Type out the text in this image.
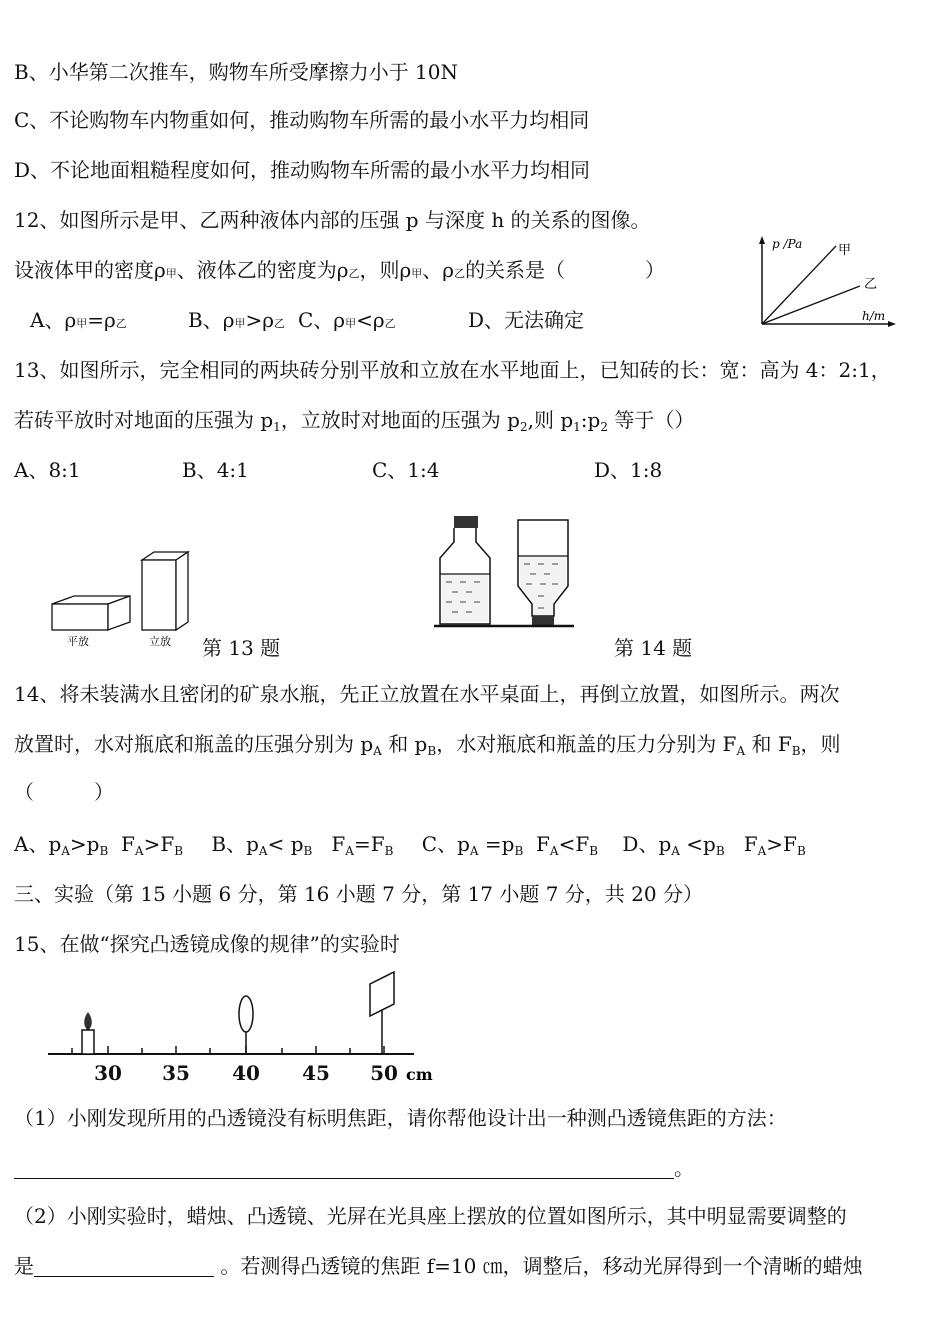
B、小华第二次推车，购物车所受摩擦力小于 10N
C、不论购物车内物重如何，推动购物车所需的最小水平力均相同
D、不论地面粗糙程度如何，推动购物车所需的最小水平力均相同
12、如图所示是甲、乙两种液体内部的压强 p 与深度 h 的关系的图像。
设液体甲的密度ρ甲、液体乙的密度为ρ乙，则ρ甲、ρ乙的关系是（　　　　）
A、ρ甲=ρ乙	B、ρ甲>ρ乙 C、ρ甲<ρ乙	D、无法确定
p /Pa	甲
乙
h/m
13、如图所示，完全相同的两块砖分别平放和立放在水平地面上，已知砖的长：宽：高为 4：2:1，
若砖平放时对地面的压强为 $p_1$，立放时对地面的压强为 $p_2$,则 $p_1:p_2$ 等于（）
A、8:1	B、4:1	C、1:4	D、1:8
平放	立放 第 13 题	第 14 题
14、将未装满水且密闭的矿泉水瓶，先正立放置在水平桌面上，再倒立放置，如图所示。两次
放置时，水对瓶底和瓶盖的压强分别为 $p_A$ 和 $p_B$，水对瓶底和瓶盖的压力分别为 $F_A$ 和 $F_B$，则
（　　　）
A、$p_A>p_B$  $F_A>F_B$ B、$p_A< p_B$   $F_A=F_B$ C、$p_A =p_B$  $F_A<F_B$ D、$p_A <p_B$   $F_A>F_B$
三、实验（第 15 小题 6 分，第 16 小题 7 分，第 17 小题 7 分，共 20 分）
15、在做“探究凸透镜成像的规律”的实验时
30 35 40 45 50 cm
（1）小刚发现所用的凸透镜没有标明焦距，请你帮他设计出一种测凸透镜焦距的方法：
。
（2）小刚实验时，蜡烛、凸透镜、光屏在光具座上摆放的位置如图所示，其中明显需要调整的
是	。若测得凸透镜的焦距 f=10 ㎝，调整后，移动光屏得到一个清晰的蜡烛
